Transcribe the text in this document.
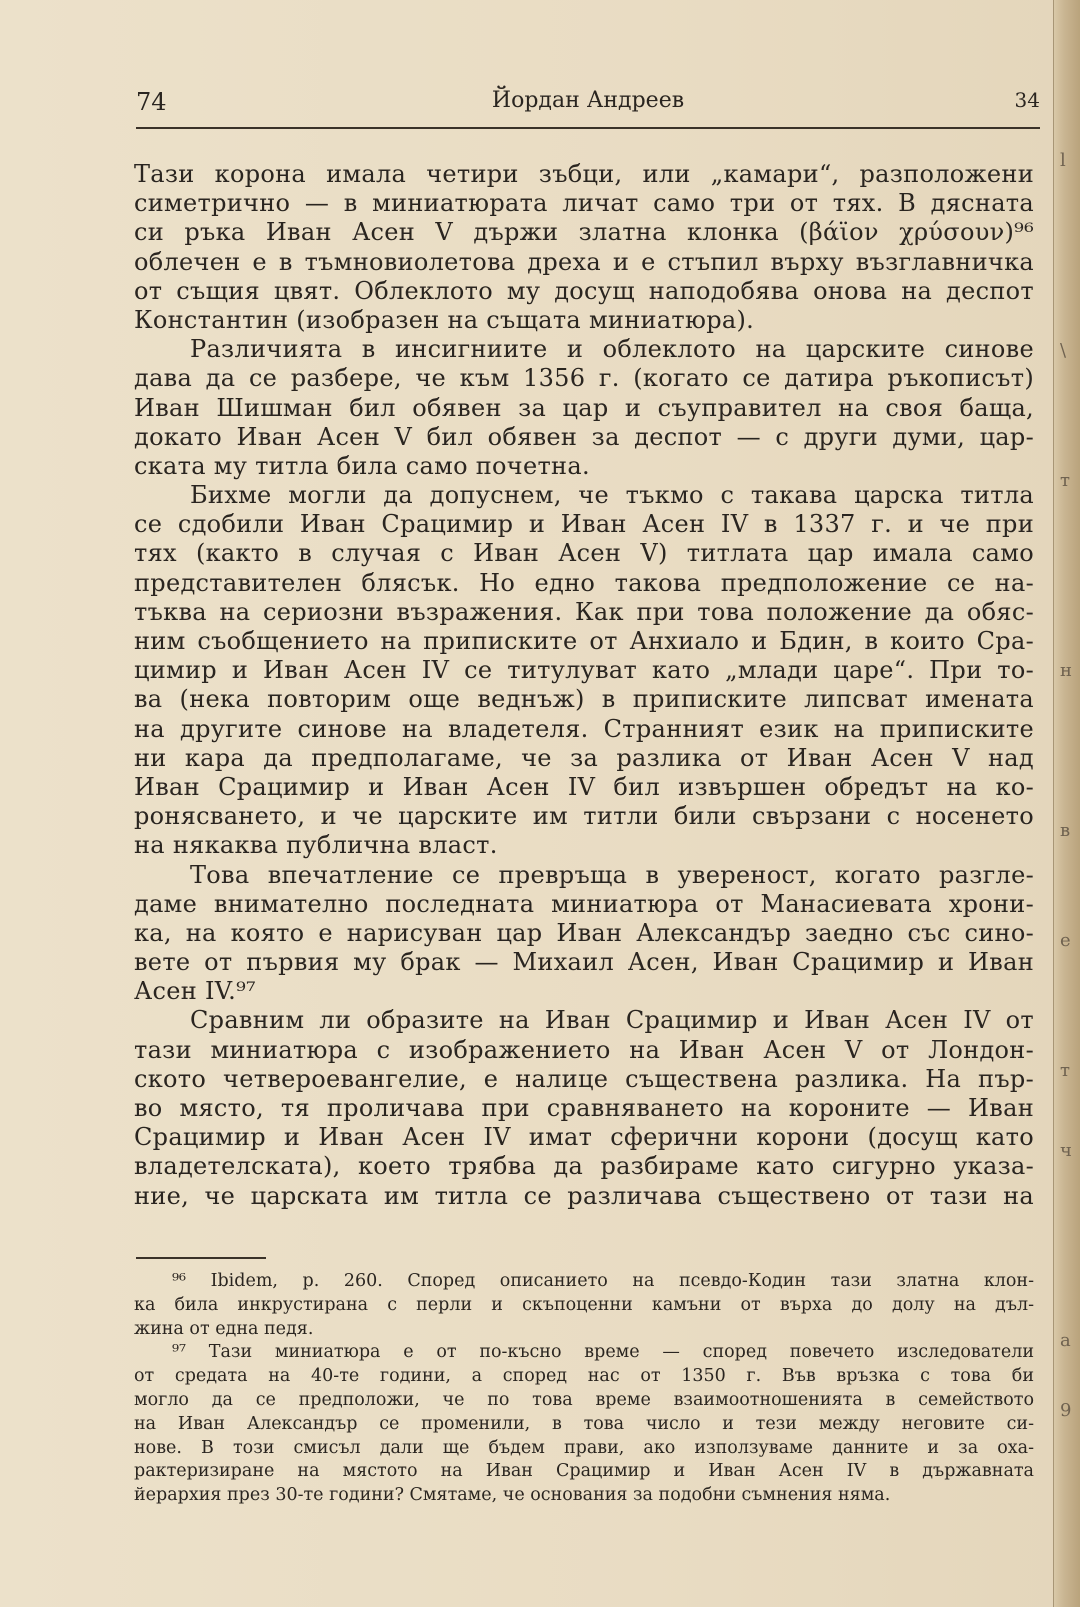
74	Йордан Андреев	34
Тази корона имала четири зъбци, или „камари“, разположени
симетрично — в миниатюрата личат само три от тях. В дясната
си ръка Иван Асен V държи златна клонка (βάϊον χρύσουν)⁹⁶
облечен е в тъмновиолетова дреха и е стъпил върху възглавничка
от същия цвят. Облеклото му досущ наподобява онова на деспот
Константин (изобразен на същата миниатюра).
Различията в инсигниите и облеклото на царските синове
дава да се разбере, че към 1356 г. (когато се датира ръкописът)
Иван Шишман бил обявен за цар и съуправител на своя баща,
докато Иван Асен V бил обявен за деспот — с други думи, цар-
ската му титла била само почетна.
Бихме могли да допуснем, че тъкмо с такава царска титла
се сдобили Иван Срацимир и Иван Асен IV в 1337 г. и че при
тях (както в случая с Иван Асен V) титлата цар имала само
представителен блясък. Но едно такова предположение се на-
тъква на сериозни възражения. Как при това положение да обяс-
ним съобщението на приписките от Анхиало и Бдин, в които Сра-
цимир и Иван Асен IV се титулуват като „млади царе“. При то-
ва (нека повторим още веднъж) в приписките липсват имената
на другите синове на владетеля. Странният език на приписките
ни кара да предполагаме, че за разлика от Иван Асен V над
Иван Срацимир и Иван Асен IV бил извършен обредът на ко-
ронясването, и че царските им титли били свързани с носенето
на някаква публична власт.
Това впечатление се превръща в увереност, когато разгле-
даме внимателно последната миниатюра от Манасиевата хрони-
ка, на която е нарисуван цар Иван Александър заедно със сино-
вете от първия му брак — Михаил Асен, Иван Срацимир и Иван
Асен IV.⁹⁷
Сравним ли образите на Иван Срацимир и Иван Асен IV от
тази миниатюра с изображението на Иван Асен V от Лондон-
ското четвероевангелие, е налице съществена разлика. На пър-
во място, тя проличава при сравняването на короните — Иван
Срацимир и Иван Асен IV имат сферични корони (досущ като
владетелската), което трябва да разбираме като сигурно указа-
ние, че царската им титла се различава съществено от тази на
⁹⁶ Ibidem, p. 260. Според описанието на псевдо-Кодин тази златна клон-
ка била инкрустирана с перли и скъпоценни камъни от върха до долу на дъл-
жина от една педя.
⁹⁷ Тази миниатюра е от по-късно време — според повечето изследователи
от средата на 40-те години, а според нас от 1350 г. Във връзка с това би
могло да се предположи, че по това време взаимоотношенията в семейството
на Иван Александър се променили, в това число и тези между неговите си-
нове. В този смисъл дали ще бъдем прави, ако използуваме данните и за оха-
рактеризиране на мястото на Иван Срацимир и Иван Асен IV в държавната
йерархия през 30-те години? Смятаме, че основания за подобни съмнения няма.
l
\
т
н
в
е
т
ч
а
9
